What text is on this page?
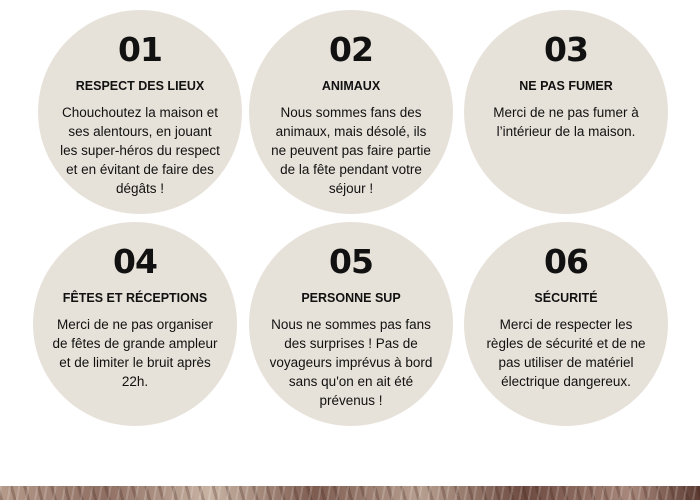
01
RESPECT DES LIEUX
Chouchoutez la maison et ses alentours, en jouant les super-héros du respect et en évitant de faire des dégâts !
02
ANIMAUX
Nous sommes fans des animaux, mais désolé, ils ne peuvent pas faire partie de la fête pendant votre séjour !
03
NE PAS FUMER
Merci de ne pas fumer à l’intérieur de la maison.
04
FÊTES ET RÉCEPTIONS
Merci de ne pas organiser de fêtes de grande ampleur et de limiter le bruit après 22h.
05
PERSONNE SUP
Nous ne sommes pas fans des surprises ! Pas de voyageurs imprévus à bord sans qu'on en ait été prévenus !
06
SÉCURITÉ
Merci de respecter les règles de sécurité et de ne pas utiliser de matériel électrique dangereux.
